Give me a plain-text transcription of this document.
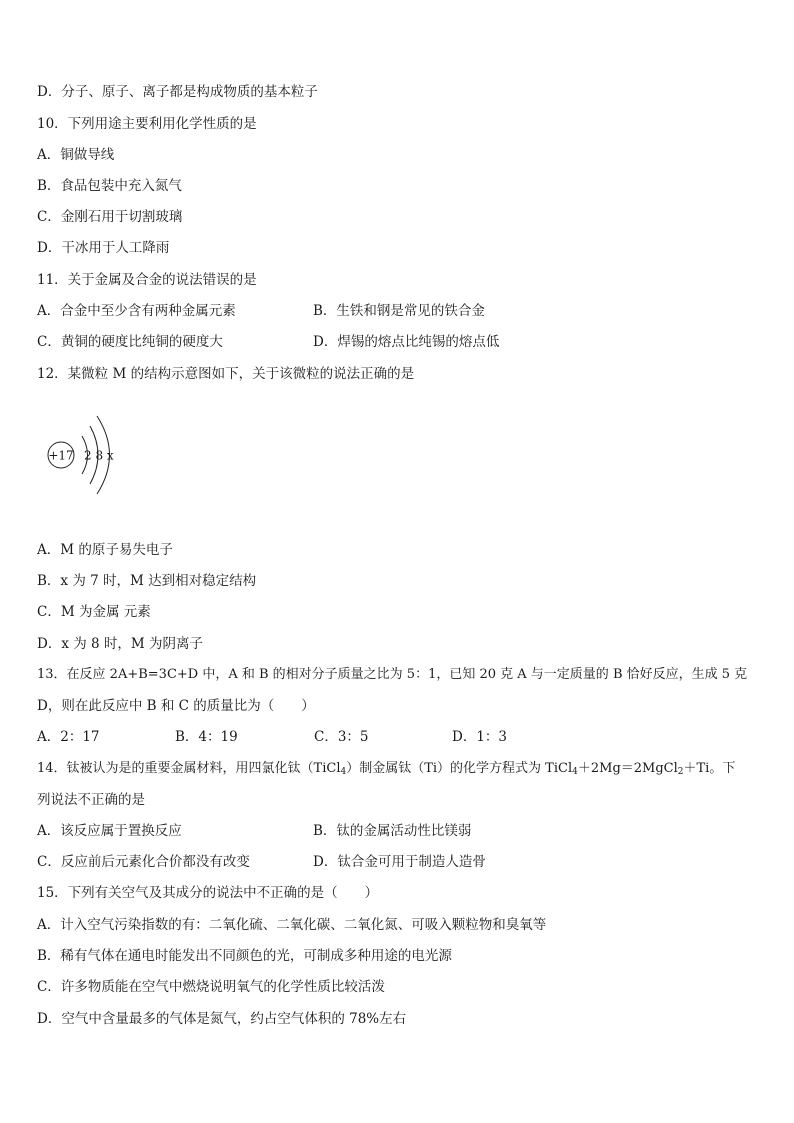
D．分子、原子、离子都是构成物质的基本粒子
10．下列用途主要利用化学性质的是
A．铜做导线
B．食品包装中充入氮气
C．金刚石用于切割玻璃
D．干冰用于人工降雨
11．关于金属及合金的说法错误的是
A．合金中至少含有两种金属元素	B．生铁和钢是常见的铁合金
C．黄铜的硬度比纯铜的硬度大	D．焊锡的熔点比纯锡的熔点低
12．某微粒 M 的结构示意图如下，关于该微粒的说法正确的是
+17 2 8 x
A．M 的原子易失电子
B．x 为 7 时，M 达到相对稳定结构
C．M 为金属 元素
D．x 为 8 时，M 为阴离子
13．在反应 2A+B=3C+D 中，A 和 B 的相对分子质量之比为 5：1，已知 20 克 A 与一定质量的 B 恰好反应，生成 5 克
D，则在此反应中 B 和 C 的质量比为（　　）
A．2：17	B．4：19	C．3：5	D．1：3
14．钛被认为是的重要金属材料，用四氯化钛（TiCl$_4$）制金属钛（Ti）的化学方程式为 TiCl$_4$＋2Mg＝2MgCl$_2$＋Ti。下
列说法不正确的是
A．该反应属于置换反应	B．钛的金属活动性比镁弱
C．反应前后元素化合价都没有改变	D．钛合金可用于制造人造骨
15．下列有关空气及其成分的说法中不正确的是（　　）
A．计入空气污染指数的有：二氧化硫、二氧化碳、二氧化氮、可吸入颗粒物和臭氧等
B．稀有气体在通电时能发出不同颜色的光，可制成多种用途的电光源
C．许多物质能在空气中燃烧说明氧气的化学性质比较活泼
D．空气中含量最多的气体是氮气，约占空气体积的 78%左右
